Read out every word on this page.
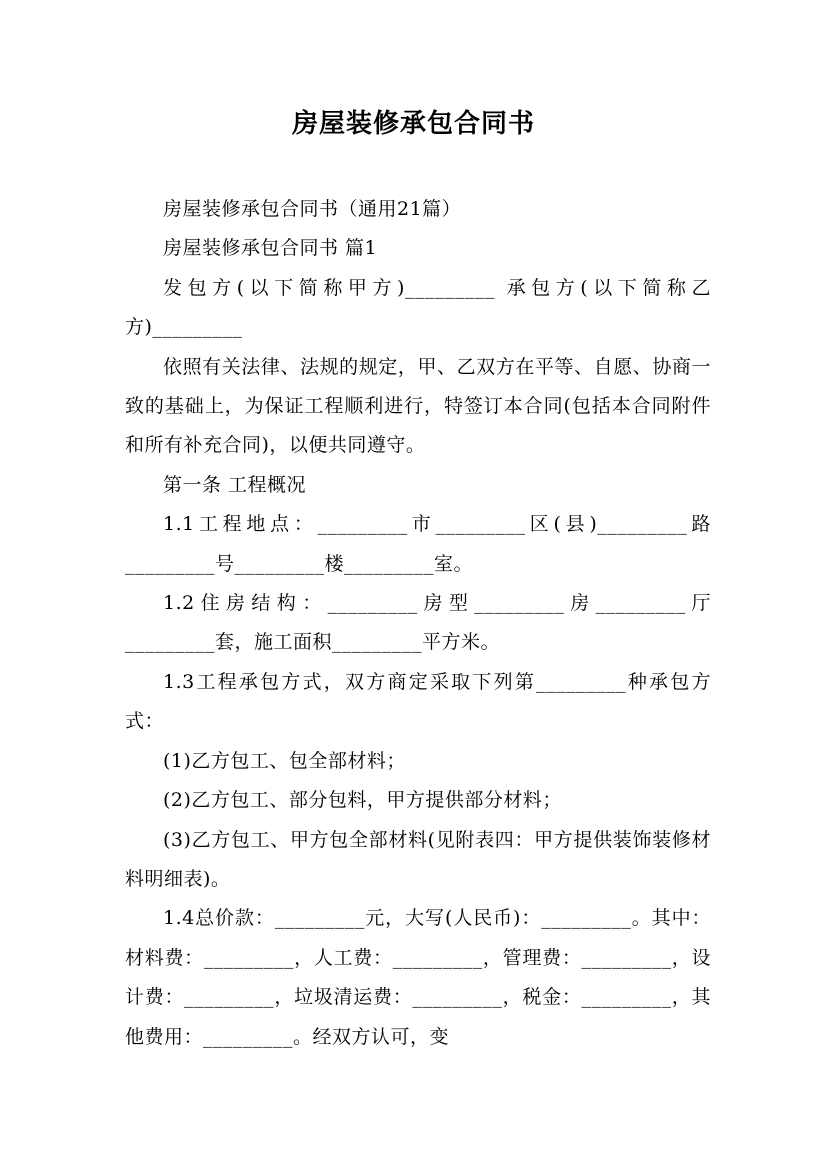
房屋装修承包合同书

房屋装修承包合同书（通用21篇）

房屋装修承包合同书 篇1

发包方(以下简称甲方)_________ 承包方(以下简称乙方)_________

依照有关法律、法规的规定，甲、乙双方在平等、自愿、协商一致的基础上，为保证工程顺利进行，特签订本合同(包括本合同附件和所有补充合同)，以便共同遵守。

第一条 工程概况

1.1工程地点：_________市_________区(县)_________路_________号_________楼_________室。

1.2住房结构：_________房型_________房_________厅_________套，施工面积_________平方米。

1.3工程承包方式，双方商定采取下列第_________种承包方式：

(1)乙方包工、包全部材料；

(2)乙方包工、部分包料，甲方提供部分材料；

(3)乙方包工、甲方包全部材料(见附表四：甲方提供装饰装修材料明细表)。

1.4总价款：_________元，大写(人民币)：_________。其中：材料费：_________，人工费：_________，管理费：_________，设计费：_________，垃圾清运费：_________，税金：_________，其他费用：_________。经双方认可，变
